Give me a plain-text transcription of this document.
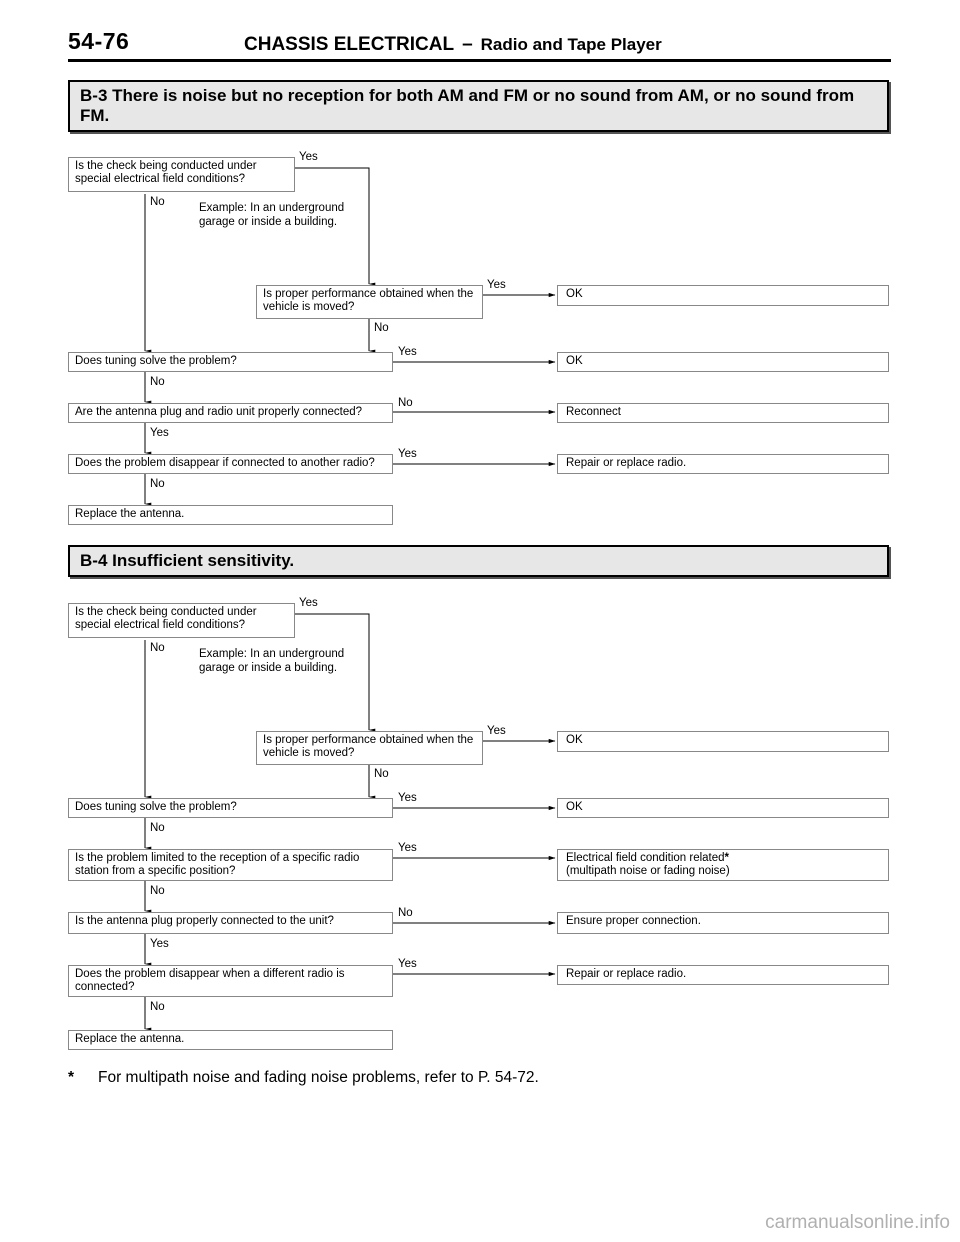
54-76	CHASSIS ELECTRICAL – Radio and Tape Player
B-3 There is noise but no reception for both AM and FM or no sound from AM, or no sound from FM.
Is the check being conducted under special electrical field conditions?
Yes
No	Example: In an underground garage or inside a building.
Is proper performance obtained when the vehicle is moved?
Yes
OK
No
Does tuning solve the problem?
Yes
OK
No
Are the antenna plug and radio unit properly connected?
No
Reconnect
Yes
Does the problem disappear if connected to another radio?
Yes
Repair or replace radio.
No
Replace the antenna.
B-4 Insufficient sensitivity.
Is the check being conducted under special electrical field conditions?
Yes
No	Example: In an underground garage or inside a building.
Is proper performance obtained when the vehicle is moved?
Yes
OK
No
Does tuning solve the problem?
Yes
OK
No
Is the problem limited to the reception of a specific radio station from a specific position?
Yes
Electrical field condition related*
(multipath noise or fading noise)
No
Is the antenna plug properly connected to the unit?
No
Ensure proper connection.
Yes
Does the problem disappear when a different radio is connected?
Yes
Repair or replace radio.
No
Replace the antenna.
* For multipath noise and fading noise problems, refer to P. 54-72.
carmanualsonline.info
